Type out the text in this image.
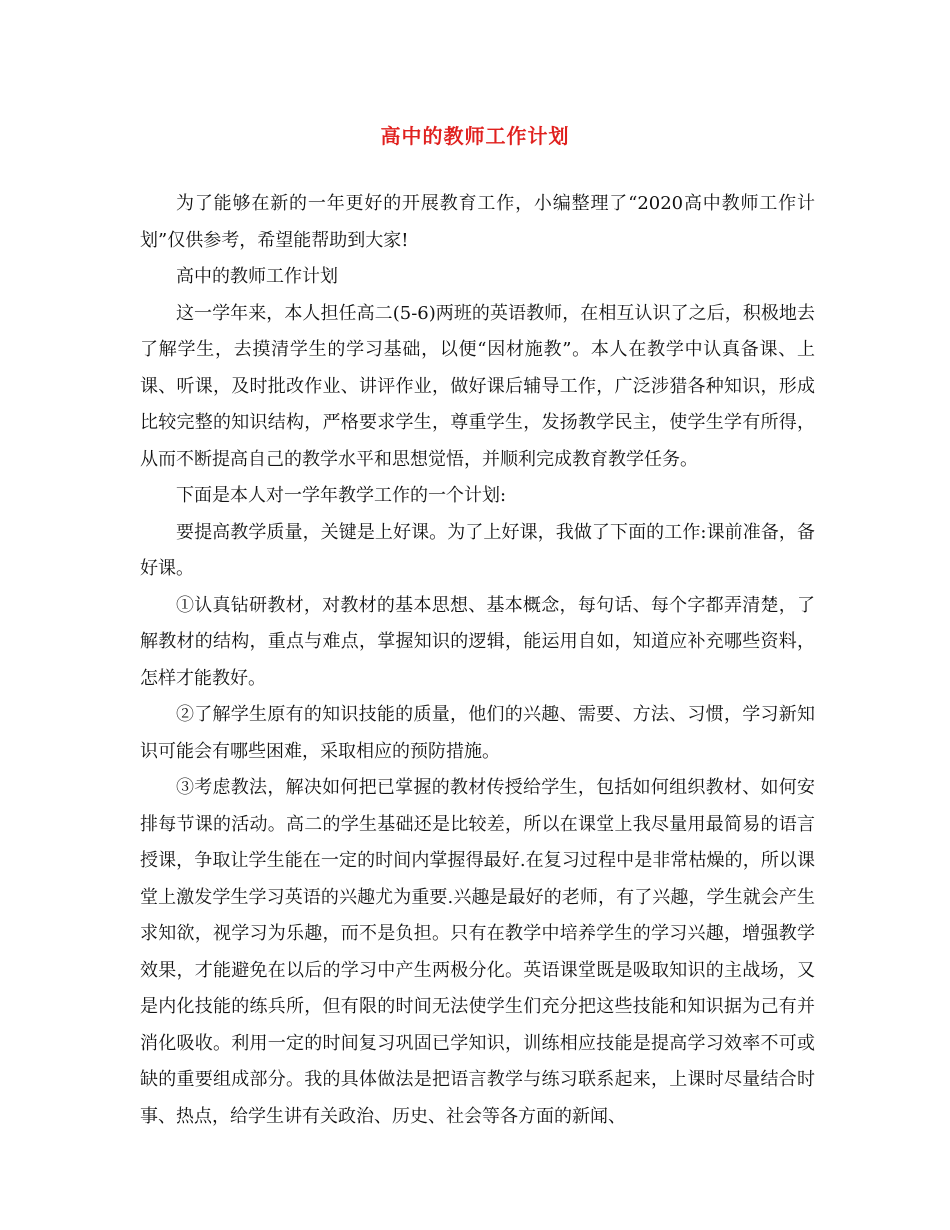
高中的教师工作计划

为了能够在新的一年更好的开展教育工作，小编整理了“2020高中教师工作计划”仅供参考，希望能帮助到大家!

高中的教师工作计划

这一学年来，本人担任高二(5-6)两班的英语教师，在相互认识了之后，积极地去了解学生，去摸清学生的学习基础，以便“因材施教”。本人在教学中认真备课、上课、听课，及时批改作业、讲评作业，做好课后辅导工作，广泛涉猎各种知识，形成比较完整的知识结构，严格要求学生，尊重学生，发扬教学民主，使学生学有所得，从而不断提高自己的教学水平和思想觉悟，并顺利完成教育教学任务。

下面是本人对一学年教学工作的一个计划:

要提高教学质量，关键是上好课。为了上好课，我做了下面的工作:课前准备，备好课。

①认真钻研教材，对教材的基本思想、基本概念，每句话、每个字都弄清楚，了解教材的结构，重点与难点，掌握知识的逻辑，能运用自如，知道应补充哪些资料，怎样才能教好。

②了解学生原有的知识技能的质量，他们的兴趣、需要、方法、习惯，学习新知识可能会有哪些困难，采取相应的预防措施。

③考虑教法，解决如何把已掌握的教材传授给学生，包括如何组织教材、如何安排每节课的活动。高二的学生基础还是比较差，所以在课堂上我尽量用最简易的语言授课，争取让学生能在一定的时间内掌握得最好.在复习过程中是非常枯燥的，所以课堂上激发学生学习英语的兴趣尤为重要.兴趣是最好的老师，有了兴趣，学生就会产生求知欲，视学习为乐趣，而不是负担。只有在教学中培养学生的学习兴趣，增强教学效果，才能避免在以后的学习中产生两极分化。英语课堂既是吸取知识的主战场，又是内化技能的练兵所，但有限的时间无法使学生们充分把这些技能和知识据为己有并消化吸收。利用一定的时间复习巩固已学知识，训练相应技能是提高学习效率不可或缺的重要组成部分。我的具体做法是把语言教学与练习联系起来，上课时尽量结合时事、热点，给学生讲有关政治、历史、社会等各方面的新闻、
